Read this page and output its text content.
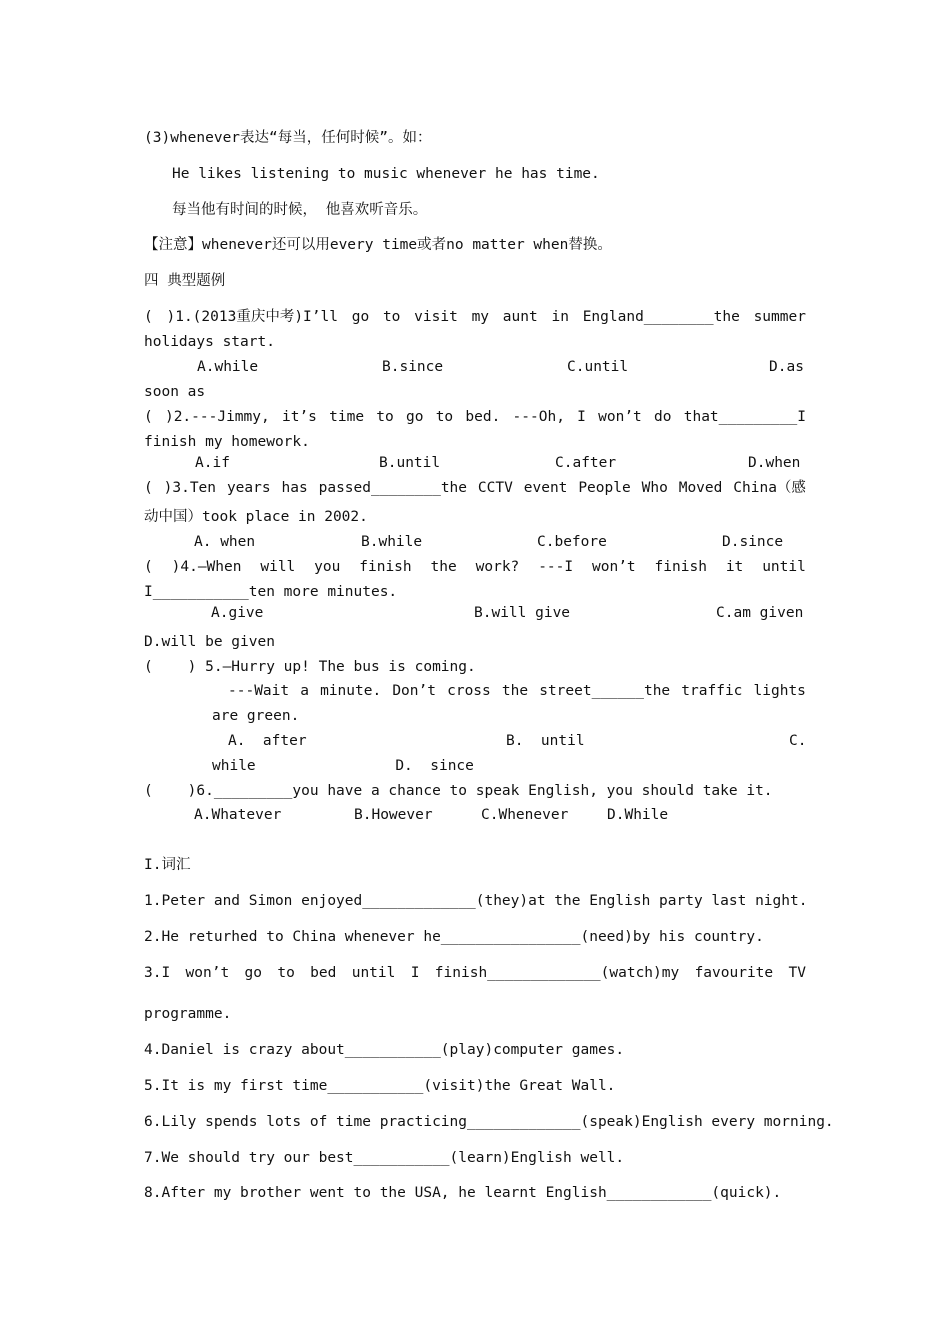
(3)whenever表达“每当，任何时候”。如：
He likes listening to music whenever he has time.
每当他有时间的时候， 他喜欢听音乐。
【注意】whenever还可以用every time或者no matter when替换。
四 典型题例
( )1.(2013重庆中考)I’ll go to visit my aunt in England________the summer
holidays start.
A.while	B.since	C.until	D.as
soon as
( )2.---Jimmy, it’s time to go to bed. ---Oh, I won’t do that_________I
finish my homework.
A.if	B.until	C.after	D.when
( )3.Ten years has passed________the CCTV event People Who Moved China（感
动中国）took place in 2002.
A. when	B.while	C.before	D.since
( )4.—When will you finish the work? ---I won’t finish it until
I___________ten more minutes.
A.give	B.will give	C.am given
D.will be given
(    ) 5.—Hurry up! The bus is coming.
---Wait a minute. Don’t cross the street______the traffic lights
are green.
A.  after	B.  until	C.
while                D.  since
(    )6._________you have a chance to speak English, you should take it.
A.Whatever	B.However	C.Whenever	D.While
I.词汇
1.Peter and Simon enjoyed_____________(they)at the English party last night.
2.He returhed to China whenever he________________(need)by his country.
3.I won’t go to bed until I finish_____________(watch)my favourite TV
programme.
4.Daniel is crazy about___________(play)computer games.
5.It is my first time___________(visit)the Great Wall.
6.Lily spends lots of time practicing_____________(speak)English every morning.
7.We should try our best___________(learn)English well.
8.After my brother went to the USA, he learnt English____________(quick).
